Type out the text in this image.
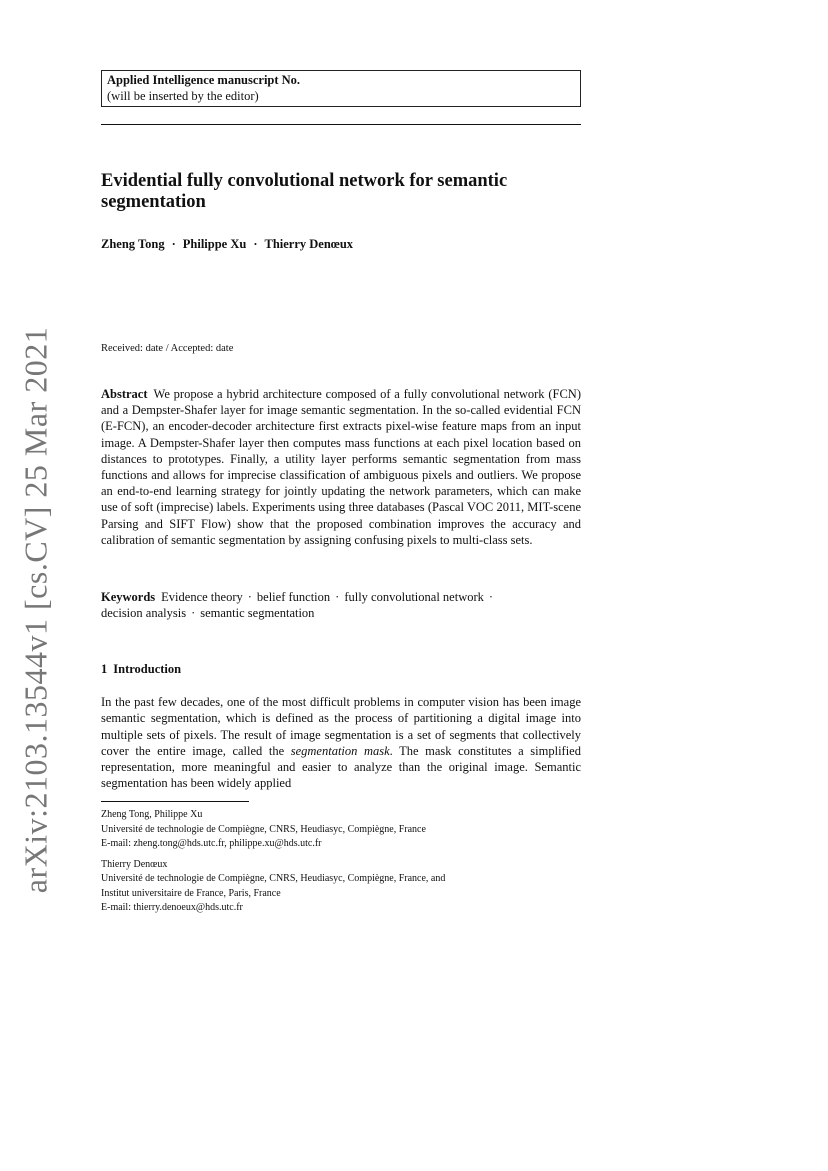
arXiv:2103.13544v1 [cs.CV] 25 Mar 2021
Applied Intelligence manuscript No.
(will be inserted by the editor)
Evidential fully convolutional network for semantic segmentation
Zheng Tong · Philippe Xu · Thierry Denœux
Received: date / Accepted: date
Abstract We propose a hybrid architecture composed of a fully convolutional network (FCN) and a Dempster-Shafer layer for image semantic segmentation. In the so-called evidential FCN (E-FCN), an encoder-decoder architecture first extracts pixel-wise feature maps from an input image. A Dempster-Shafer layer then computes mass functions at each pixel location based on distances to prototypes. Finally, a utility layer performs semantic segmentation from mass functions and allows for imprecise classification of ambiguous pixels and outliers. We propose an end-to-end learning strategy for jointly updating the network parameters, which can make use of soft (imprecise) labels. Experiments using three databases (Pascal VOC 2011, MIT-scene Parsing and SIFT Flow) show that the proposed combination improves the accuracy and calibration of semantic segmentation by assigning confusing pixels to multi-class sets.
Keywords Evidence theory · belief function · fully convolutional network ·
decision analysis · semantic segmentation
1 Introduction
In the past few decades, one of the most difficult problems in computer vision has been image semantic segmentation, which is defined as the process of partitioning a digital image into multiple sets of pixels. The result of image segmentation is a set of segments that collectively cover the entire image, called the segmentation mask. The mask constitutes a simplified representation, more meaningful and easier to analyze than the original image. Semantic segmentation has been widely applied
Zheng Tong, Philippe Xu
Université de technologie de Compiègne, CNRS, Heudiasyc, Compiègne, France
E-mail: zheng.tong@hds.utc.fr, philippe.xu@hds.utc.fr
Thierry Denœux
Université de technologie de Compiègne, CNRS, Heudiasyc, Compiègne, France, and
Institut universitaire de France, Paris, France
E-mail: thierry.denoeux@hds.utc.fr
